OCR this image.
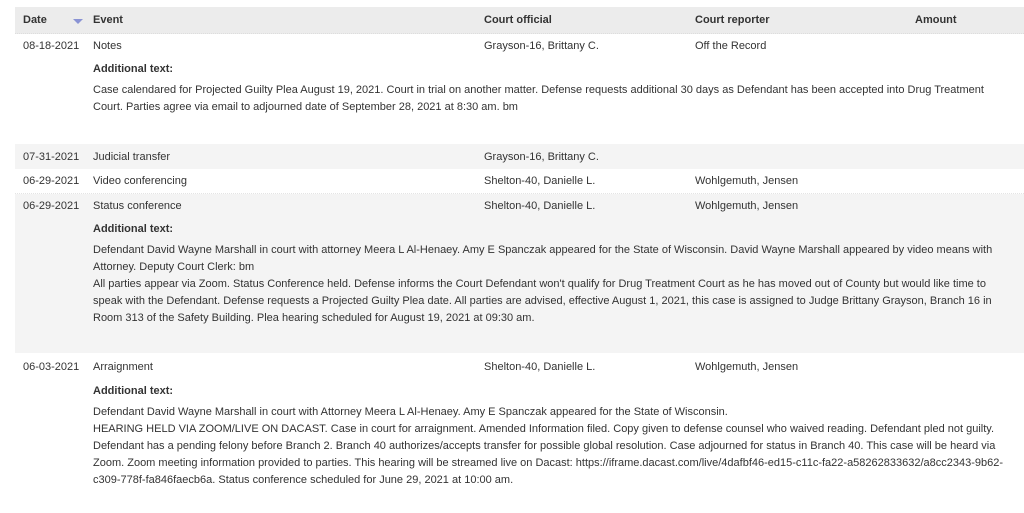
Date	Event	Court official	Court reporter	Amount
08-18-2021	Notes	Grayson-16, Brittany C.	Off the Record
Additional text:

Case calendared for Projected Guilty Plea August 19, 2021. Court in trial on another matter. Defense requests additional 30 days as Defendant has been accepted into Drug Treatment Court. Parties agree via email to adjourned date of September 28, 2021 at 8:30 am. bm

07-31-2021	Judicial transfer	Grayson-16, Brittany C.
06-29-2021	Video conferencing	Shelton-40, Danielle L.	Wohlgemuth, Jensen
06-29-2021	Status conference	Shelton-40, Danielle L.	Wohlgemuth, Jensen
Additional text:

Defendant David Wayne Marshall in court with attorney Meera L Al-Henaey. Amy E Spanczak appeared for the State of Wisconsin. David Wayne Marshall appeared by video means with Attorney. Deputy Court Clerk: bm

All parties appear via Zoom. Status Conference held. Defense informs the Court Defendant won't qualify for Drug Treatment Court as he has moved out of County but would like time to speak with the Defendant. Defense requests a Projected Guilty Plea date. All parties are advised, effective August 1, 2021, this case is assigned to Judge Brittany Grayson, Branch 16 in Room 313 of the Safety Building. Plea hearing scheduled for August 19, 2021 at 09:30 am.

06-03-2021	Arraignment	Shelton-40, Danielle L.	Wohlgemuth, Jensen
Additional text:

Defendant David Wayne Marshall in court with Attorney Meera L Al-Henaey. Amy E Spanczak appeared for the State of Wisconsin.

HEARING HELD VIA ZOOM/LIVE ON DACAST. Case in court for arraignment. Amended Information filed. Copy given to defense counsel who waived reading. Defendant pled not guilty. Defendant has a pending felony before Branch 2. Branch 40 authorizes/accepts transfer for possible global resolution. Case adjourned for status in Branch 40. This case will be heard via Zoom. Zoom meeting information provided to parties. This hearing will be streamed live on Dacast: https://iframe.dacast.com/live/4dafbf46-ed15-c11c-fa22-a58262833632/a8cc2343-9b62-c309-778f-fa846faecb6a. Status conference scheduled for June 29, 2021 at 10:00 am.
